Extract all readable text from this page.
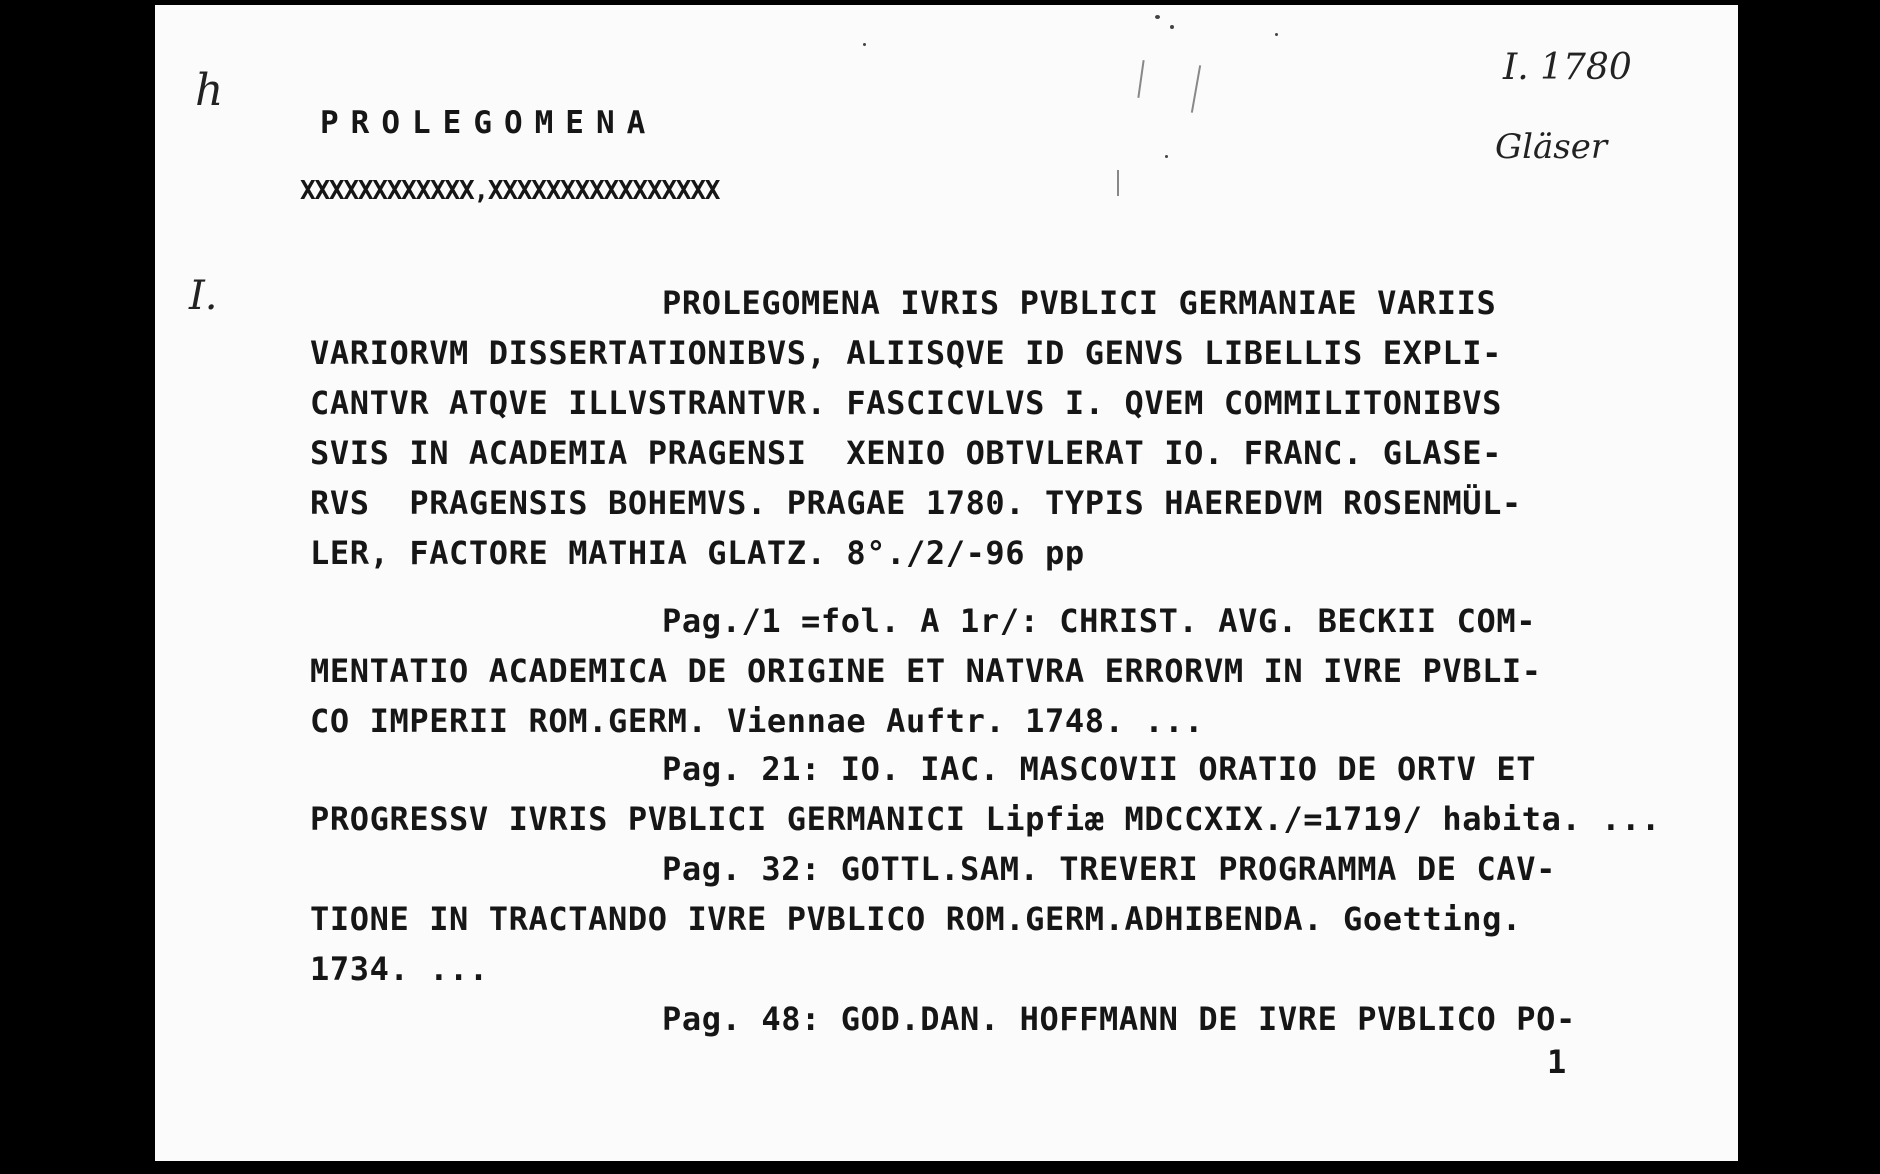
h
I.
I. 1780
Gläser
PROLEGOMENA
XXXXXXXXXXXX,XXXXXXXXXXXXXXXX
PROLEGOMENA IVRIS PVBLICI GERMANIAE VARIIS
VARIORVM DISSERTATIONIBVS, ALIISQVE ID GENVS LIBELLIS EXPLI-
CANTVR ATQVE ILLVSTRANTVR. FASCICVLVS I. QVEM COMMILITONIBVS
SVIS IN ACADEMIA PRAGENSI  XENIO OBTVLERAT IO. FRANC. GLASE-
RVS  PRAGENSIS BOHEMVS. PRAGAE 1780. TYPIS HAEREDVM ROSENMÜL-
LER, FACTORE MATHIA GLATZ. 8°./2/-96 pp
Pag./1 =fol. A 1r/: CHRIST. AVG. BECKII COM-
MENTATIO ACADEMICA DE ORIGINE ET NATVRA ERRORVM IN IVRE PVBLI-
CO IMPERII ROM.GERM. Viennae Auftr. 1748. ...
Pag. 21: IO. IAC. MASCOVII ORATIO DE ORTV ET
PROGRESSV IVRIS PVBLICI GERMANICI Lipfiæ MDCCXIX./=1719/ habita. ...
Pag. 32: GOTTL.SAM. TREVERI PROGRAMMA DE CAV-
TIONE IN TRACTANDO IVRE PVBLICO ROM.GERM.ADHIBENDA. Goetting.
1734. ...
Pag. 48: GOD.DAN. HOFFMANN DE IVRE PVBLICO PO-
1
